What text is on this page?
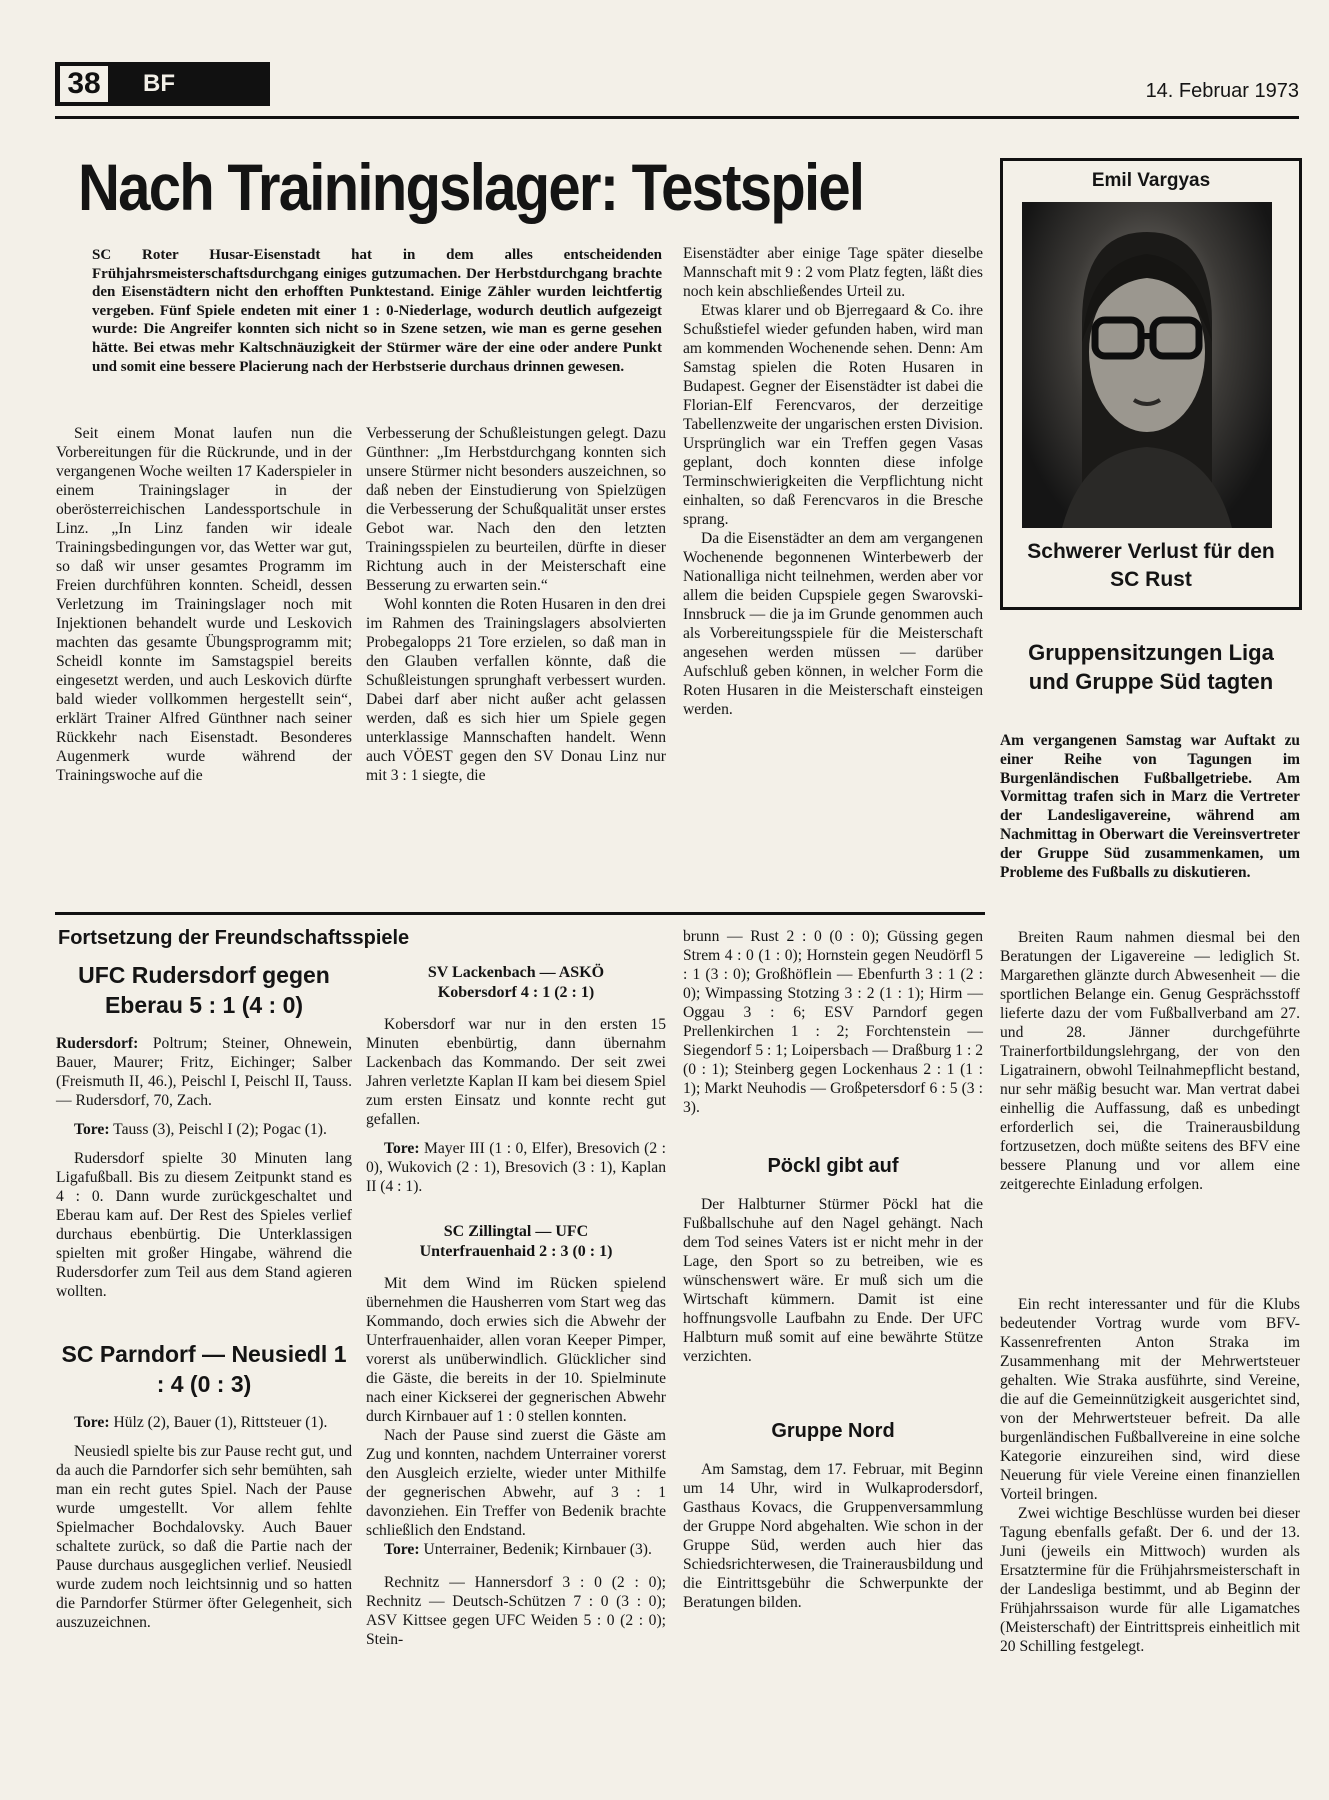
38	BF	14. Februar 1973
Nach Trainingslager: Testspiel
SC Roter Husar-Eisenstadt hat in dem alles entscheidenden Frühjahrsmeisterschaftsdurchgang einiges gutzumachen. Der Herbstdurchgang brachte den Eisenstädtern nicht den erhofften Punktestand. Einige Zähler wurden leichtfertig vergeben. Fünf Spiele endeten mit einer 1 : 0-Niederlage, wodurch deutlich aufgezeigt wurde: Die Angreifer konnten sich nicht so in Szene setzen, wie man es gerne gesehen hätte. Bei etwas mehr Kaltschnäuzigkeit der Stürmer wäre der eine oder andere Punkt und somit eine bessere Placierung nach der Herbstserie durchaus drinnen gewesen.

Seit einem Monat laufen nun die Vorbereitungen für die Rückrunde, und in der vergangenen Woche weilten 17 Kaderspieler in einem Trainingslager in der oberösterreichischen Landessportschule in Linz. „In Linz fanden wir ideale Trainingsbedingungen vor, das Wetter war gut, so daß wir unser gesamtes Programm im Freien durchführen konnten. Scheidl, dessen Verletzung im Trainingslager noch mit Injektionen behandelt wurde und Leskovich machten das gesamte Übungsprogramm mit; Scheidl konnte im Samstagspiel bereits eingesetzt werden, und auch Leskovich dürfte bald wieder vollkommen hergestellt sein“, erklärt Trainer Alfred Günthner nach seiner Rückkehr nach Eisenstadt. Besonderes Augenmerk wurde während der Trainingswoche auf die

Verbesserung der Schußleistungen gelegt. Dazu Günthner: „Im Herbstdurchgang konnten sich unsere Stürmer nicht besonders auszeichnen, so daß neben der Einstudierung von Spielzügen die Verbesserung der Schußqualität unser erstes Gebot war. Nach den den letzten Trainingsspielen zu beurteilen, dürfte in dieser Richtung auch in der Meisterschaft eine Besserung zu erwarten sein.“

Wohl konnten die Roten Husaren in den drei im Rahmen des Trainingslagers absolvierten Probegalopps 21 Tore erzielen, so daß man in den Glauben verfallen könnte, daß die Schußleistungen sprunghaft verbessert wurden. Dabei darf aber nicht außer acht gelassen werden, daß es sich hier um Spiele gegen unterklassige Mannschaften handelt. Wenn auch VÖEST gegen den SV Donau Linz nur mit 3 : 1 siegte, die

Eisenstädter aber einige Tage später dieselbe Mannschaft mit 9 : 2 vom Platz fegten, läßt dies noch kein abschließendes Urteil zu.

Etwas klarer und ob Bjerregaard & Co. ihre Schußstiefel wieder gefunden haben, wird man am kommenden Wochenende sehen. Denn: Am Samstag spielen die Roten Husaren in Budapest. Gegner der Eisenstädter ist dabei die Florian-Elf Ferencvaros, der derzeitige Tabellenzweite der ungarischen ersten Division. Ursprünglich war ein Treffen gegen Vasas geplant, doch konnten diese infolge Terminschwierigkeiten die Verpflichtung nicht einhalten, so daß Ferencvaros in die Bresche sprang.

Da die Eisenstädter an dem am vergangenen Wochenende begonnenen Winterbewerb der Nationalliga nicht teilnehmen, werden aber vor allem die beiden Cupspiele gegen Swarovski-Innsbruck — die ja im Grunde genommen auch als Vorbereitungsspiele für die Meisterschaft angesehen werden müssen — darüber Aufschluß geben können, in welcher Form die Roten Husaren in die Meisterschaft einsteigen werden.

Emil Vargyas
Schwerer Verlust für den SC Rust
Gruppensitzungen Liga und Gruppe Süd tagten
Am vergangenen Samstag war Auftakt zu einer Reihe von Tagungen im Burgenländischen Fußballgetriebe. Am Vormittag trafen sich in Marz die Vertreter der Landesligavereine, während am Nachmittag in Oberwart die Vereinsvertreter der Gruppe Süd zusammenkamen, um Probleme des Fußballs zu diskutieren.

Breiten Raum nahmen diesmal bei den Beratungen der Ligavereine — lediglich St. Margarethen glänzte durch Abwesenheit — die sportlichen Belange ein. Genug Gesprächsstoff lieferte dazu der vom Fußballverband am 27. und 28. Jänner durchgeführte Trainerfortbildungslehrgang, der von den Ligatrainern, obwohl Teilnahmepflicht bestand, nur sehr mäßig besucht war. Man vertrat dabei einhellig die Auffassung, daß es unbedingt erforderlich sei, die Trainerausbildung fortzusetzen, doch müßte seitens des BFV eine bessere Planung und vor allem eine zeitgerechte Einladung erfolgen.

Ein recht interessanter und für die Klubs bedeutender Vortrag wurde vom BFV-Kassenrefrenten Anton Straka im Zusammenhang mit der Mehrwertsteuer gehalten. Wie Straka ausführte, sind Vereine, die auf die Gemeinnützigkeit ausgerichtet sind, von der Mehrwertsteuer befreit. Da alle burgenländischen Fußballvereine in eine solche Kategorie einzureihen sind, wird diese Neuerung für viele Vereine einen finanziellen Vorteil bringen.

Zwei wichtige Beschlüsse wurden bei dieser Tagung ebenfalls gefaßt. Der 6. und der 13. Juni (jeweils ein Mittwoch) wurden als Ersatztermine für die Frühjahrsmeisterschaft in der Landesliga bestimmt, und ab Beginn der Frühjahrssaison wurde für alle Ligamatches (Meisterschaft) der Eintrittspreis einheitlich mit 20 Schilling festgelegt.

Fortsetzung der Freundschaftsspiele
UFC Rudersdorf gegen Eberau 5 : 1 (4 : 0)

Rudersdorf: Poltrum; Steiner, Ohnewein, Bauer, Maurer; Fritz, Eichinger; Salber (Freismuth II, 46.), Peischl I, Peischl II, Tauss. — Rudersdorf, 70, Zach.

Tore: Tauss (3), Peischl I (2); Pogac (1).

Rudersdorf spielte 30 Minuten lang Ligafußball. Bis zu diesem Zeitpunkt stand es 4 : 0. Dann wurde zurückgeschaltet und Eberau kam auf. Der Rest des Spieles verlief durchaus ebenbürtig. Die Unterklassigen spielten mit großer Hingabe, während die Rudersdorfer zum Teil aus dem Stand agieren wollten.

SC Parndorf — Neusiedl 1 : 4 (0 : 3)

Tore: Hülz (2), Bauer (1), Rittsteuer (1).

Neusiedl spielte bis zur Pause recht gut, und da auch die Parndorfer sich sehr bemühten, sah man ein recht gutes Spiel. Nach der Pause wurde umgestellt. Vor allem fehlte Spielmacher Bochdalovsky. Auch Bauer schaltete zurück, so daß die Partie nach der Pause durchaus ausgeglichen verlief. Neusiedl wurde zudem noch leichtsinnig und so hatten die Parndorfer Stürmer öfter Gelegenheit, sich auszuzeichnen.

SV Lackenbach — ASKÖ Kobersdorf 4 : 1 (2 : 1)

Kobersdorf war nur in den ersten 15 Minuten ebenbürtig, dann übernahm Lackenbach das Kommando. Der seit zwei Jahren verletzte Kaplan II kam bei diesem Spiel zum ersten Einsatz und konnte recht gut gefallen.

Tore: Mayer III (1 : 0, Elfer), Bresovich (2 : 0), Wukovich (2 : 1), Bresovich (3 : 1), Kaplan II (4 : 1).

SC Zillingtal — UFC Unterfrauenhaid 2 : 3 (0 : 1)

Mit dem Wind im Rücken spielend übernehmen die Hausherren vom Start weg das Kommando, doch erwies sich die Abwehr der Unterfrauenhaider, allen voran Keeper Pimper, vorerst als unüberwindlich. Glücklicher sind die Gäste, die bereits in der 10. Spielminute nach einer Kickserei der gegnerischen Abwehr durch Kirnbauer auf 1 : 0 stellen konnten.

Nach der Pause sind zuerst die Gäste am Zug und konnten, nachdem Unterrainer vorerst den Ausgleich erzielte, wieder unter Mithilfe der gegnerischen Abwehr, auf 3 : 1 davonziehen. Ein Treffer von Bedenik brachte schließlich den Endstand.

Tore: Unterrainer, Bedenik; Kirnbauer (3).

Rechnitz — Hannersdorf 3 : 0 (2 : 0); Rechnitz — Deutsch-Schützen 7 : 0 (3 : 0); ASV Kittsee gegen UFC Weiden 5 : 0 (2 : 0); Stein-

brunn — Rust 2 : 0 (0 : 0); Güssing gegen Strem 4 : 0 (1 : 0); Hornstein gegen Neudörfl 5 : 1 (3 : 0); Großhöflein — Ebenfurth 3 : 1 (2 : 0); Wimpassing Stotzing 3 : 2 (1 : 1); Hirm — Oggau 3 : 6; ESV Parndorf gegen Prellenkirchen 1 : 2; Forchtenstein — Siegendorf 5 : 1; Loipersbach — Draßburg 1 : 2 (0 : 1); Steinberg gegen Lockenhaus 2 : 1 (1 : 1); Markt Neuhodis — Großpetersdorf 6 : 5 (3 : 3).

Pöckl gibt auf

Der Halbturner Stürmer Pöckl hat die Fußballschuhe auf den Nagel gehängt. Nach dem Tod seines Vaters ist er nicht mehr in der Lage, den Sport so zu betreiben, wie es wünschenswert wäre. Er muß sich um die Wirtschaft kümmern. Damit ist eine hoffnungsvolle Laufbahn zu Ende. Der UFC Halbturn muß somit auf eine bewährte Stütze verzichten.

Gruppe Nord

Am Samstag, dem 17. Februar, mit Beginn um 14 Uhr, wird in Wulkaprodersdorf, Gasthaus Kovacs, die Gruppenversammlung der Gruppe Nord abgehalten. Wie schon in der Gruppe Süd, werden auch hier das Schiedsrichterwesen, die Trainerausbildung und die Eintrittsgebühr die Schwerpunkte der Beratungen bilden.
